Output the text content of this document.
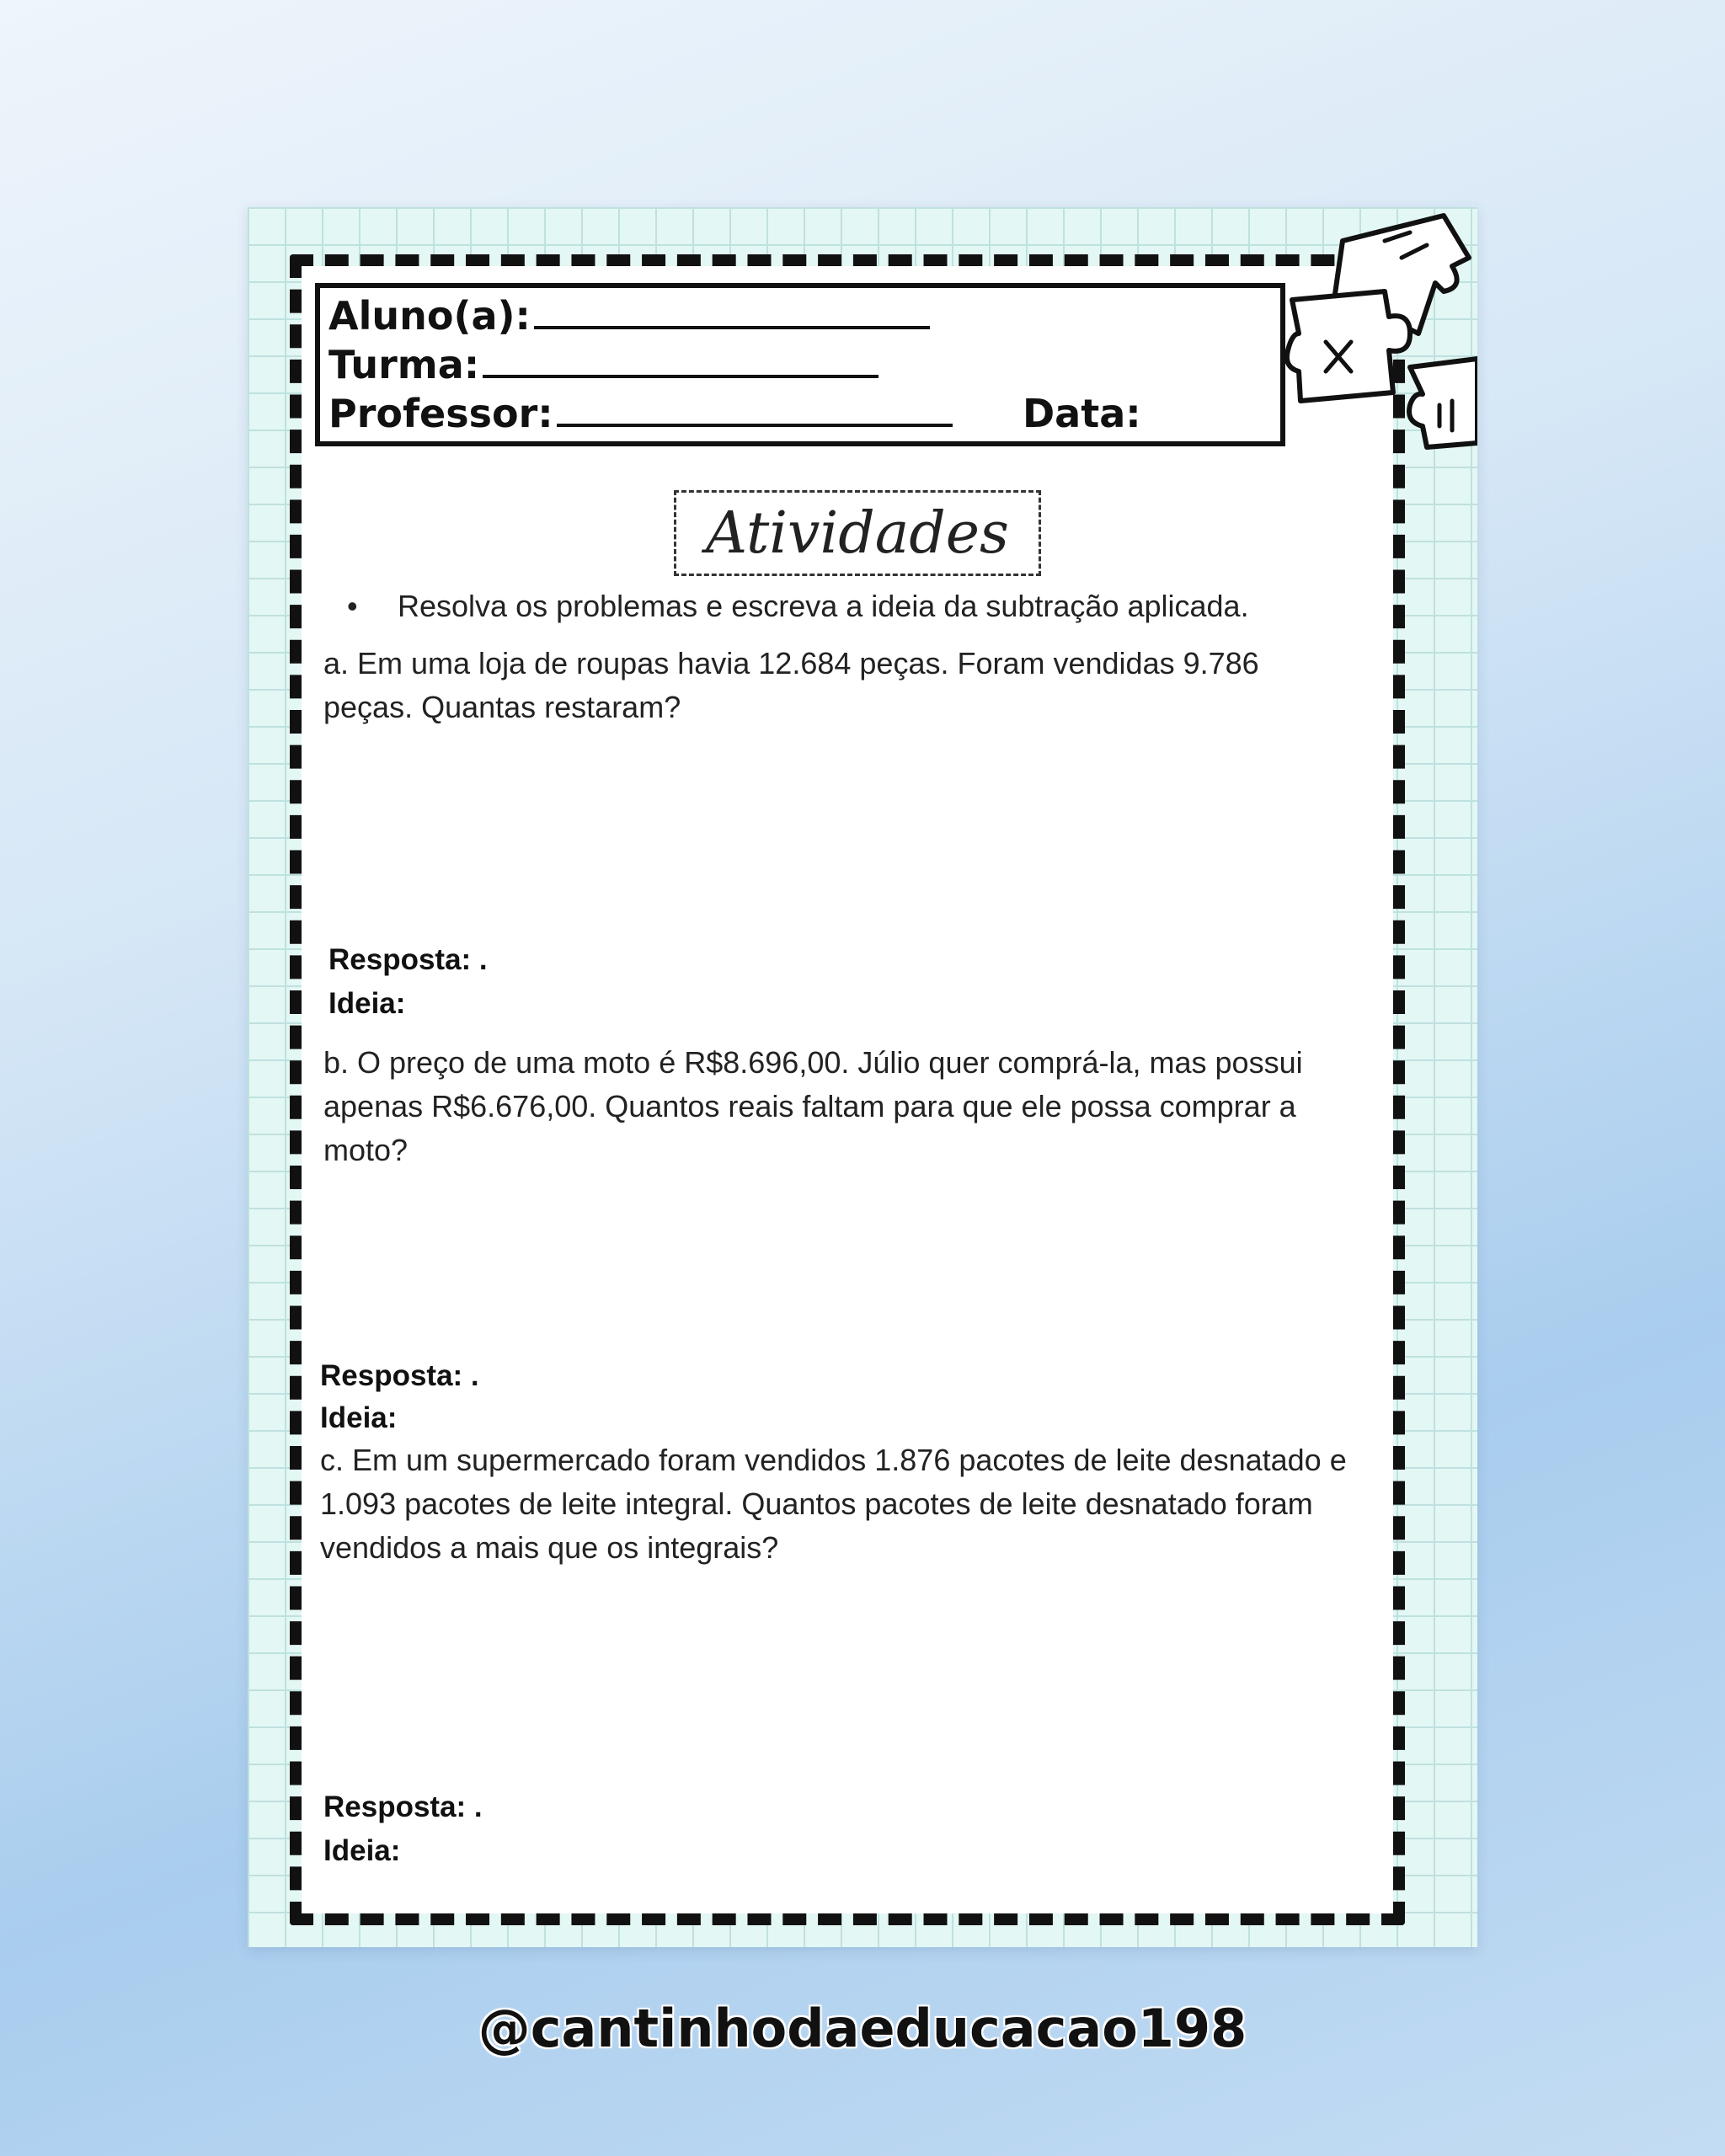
Aluno(a):
Turma:
Professor:	Data:
Atividades
• Resolva os problemas e escreva a ideia da subtração aplicada.
a. Em uma loja de roupas havia 12.684 peças. Foram vendidas 9.786 peças. Quantas restaram?
Resposta: .
Ideia:
b. O preço de uma moto é R$8.696,00. Júlio quer comprá-la, mas possui apenas R$6.676,00. Quantos reais faltam para que ele possa comprar a moto?
Resposta: .
Ideia:
c. Em um supermercado foram vendidos 1.876 pacotes de leite desnatado e 1.093 pacotes de leite integral. Quantos pacotes de leite desnatado foram vendidos a mais que os integrais?
Resposta: .
Ideia:
@cantinhodaeducacao198
